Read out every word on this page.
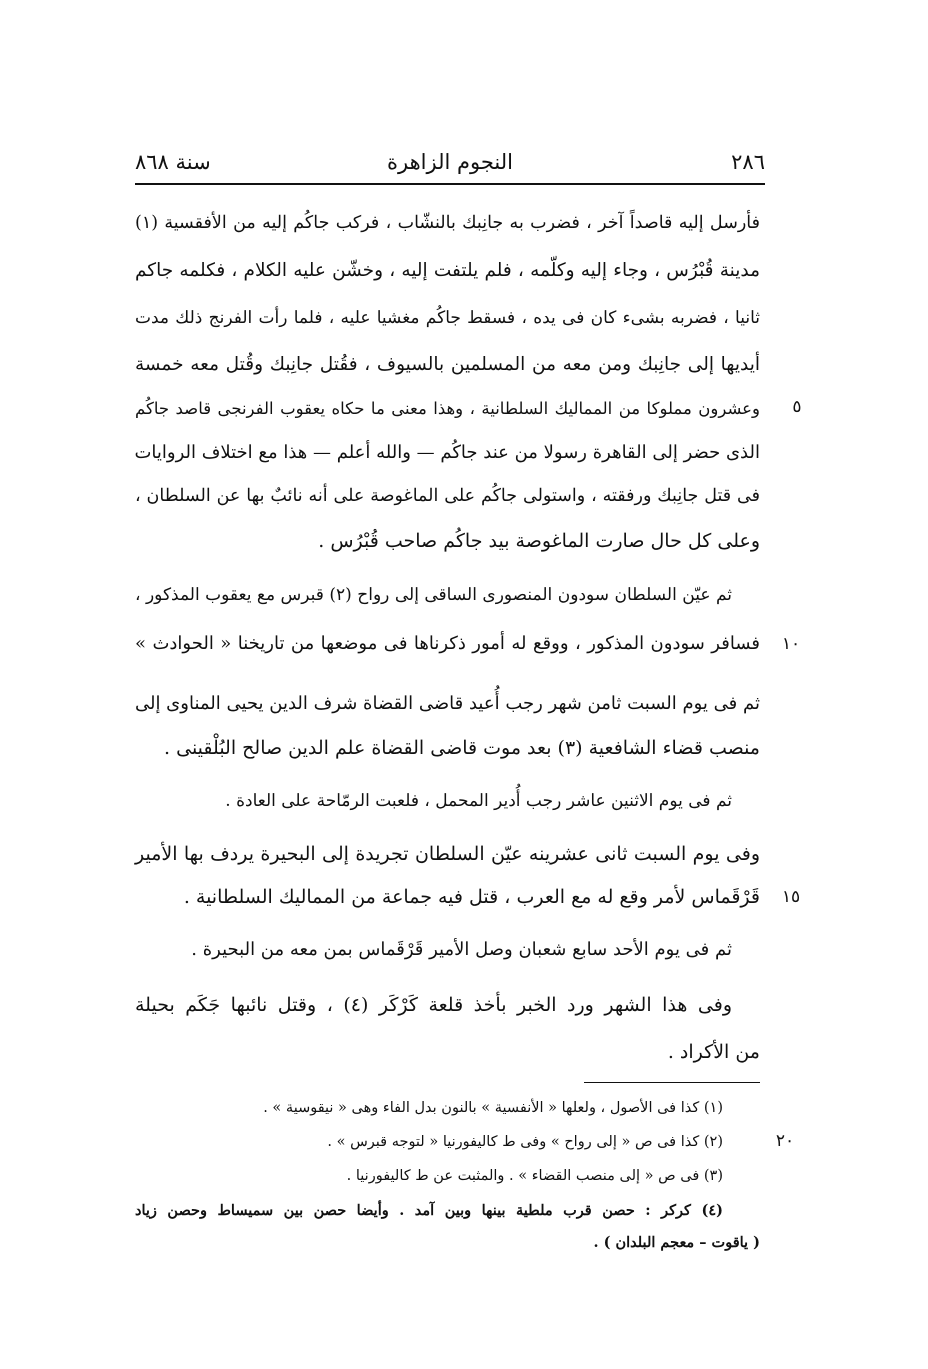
٢٨٦
النجوم الزاهرة
سنة ٨٦٨
فأرسل إليه قاصداً آخر ، فضرب به جانِبك بالنشّاب ، فركب جاكُم إليه من الأفقسية (١)
مدينة قُبْرُس ، وجاء إليه وكلّمه ، فلم يلتفت إليه ، وخشّن عليه الكلام ، فكلمه جاكم
ثانيا ، فضربه بشىء كان فى يده ، فسقط جاكُم مغشيا عليه ، فلما رأت الفرنج ذلك مدت
أيديها إلى جانِبك ومن معه من المسلمين بالسيوف ، فقُتل جانِبك وقُتل معه خمسة
وعشرون مملوكا من المماليك السلطانية ، وهذا معنى ما حكاه يعقوب الفرنجى قاصد جاكُم	٥
الذى حضر إلى القاهرة رسولا من عند جاكُم — والله أعلم — هذا مع اختلاف الروايات
فى قتل جانِبك ورفقته ، واستولى جاكُم على الماغوصة على أنه نائبٌ بها عن السلطان ،
وعلى كل حال صارت الماغوصة بيد جاكُم صاحب قُبْرُس .
ثم عيّن السلطان سودون المنصورى الساقى إلى رواح (٢) قبرس مع يعقوب المذكور ،
فسافر سودون المذكور ، ووقع له أمور ذكرناها فى موضعها من تاريخنا « الحوادث »	١٠
ثم فى يوم السبت ثامن شهر رجب أُعيد قاضى القضاة شرف الدين يحيى المناوى إلى
منصب قضاء الشافعية (٣) بعد موت قاضى القضاة علم الدين صالح البُلْقينى .
ثم فى يوم الاثنين عاشر رجب أُدير المحمل ، فلعبت الرمّاحة على العادة .
وفى يوم السبت ثانى عشرينه عيّن السلطان تجريدة إلى البحيرة يردف بها الأمير
قَرْقَماس لأمر وقع له مع العرب ، قتل فيه جماعة من المماليك السلطانية .	١٥
ثم فى يوم الأحد سابع شعبان وصل الأمير قَرْقَماس بمن معه من البحيرة .
وفى هذا الشهر ورد الخبر بأخذ قلعة كَرْكَر (٤) ، وقتل نائبها جَكَم بحيلة
من الأكراد .
(١) كذا فى الأصول ، ولعلها « الأنفسية » بالنون بدل الفاء وهى « نيقوسية » .
(٢) كذا فى ص « إلى رواح » وفى ط كاليفورنيا « لتوجه قبرس » .	٢٠
(٣) فى ص « إلى منصب القضاء » . والمثبت عن ط كاليفورنيا .
(٤) كركر : حصن قرب ملطية بينها وبين آمد . وأيضا حصن بين سميساط وحصن زياد
( ياقوت – معجم البلدان ) .
